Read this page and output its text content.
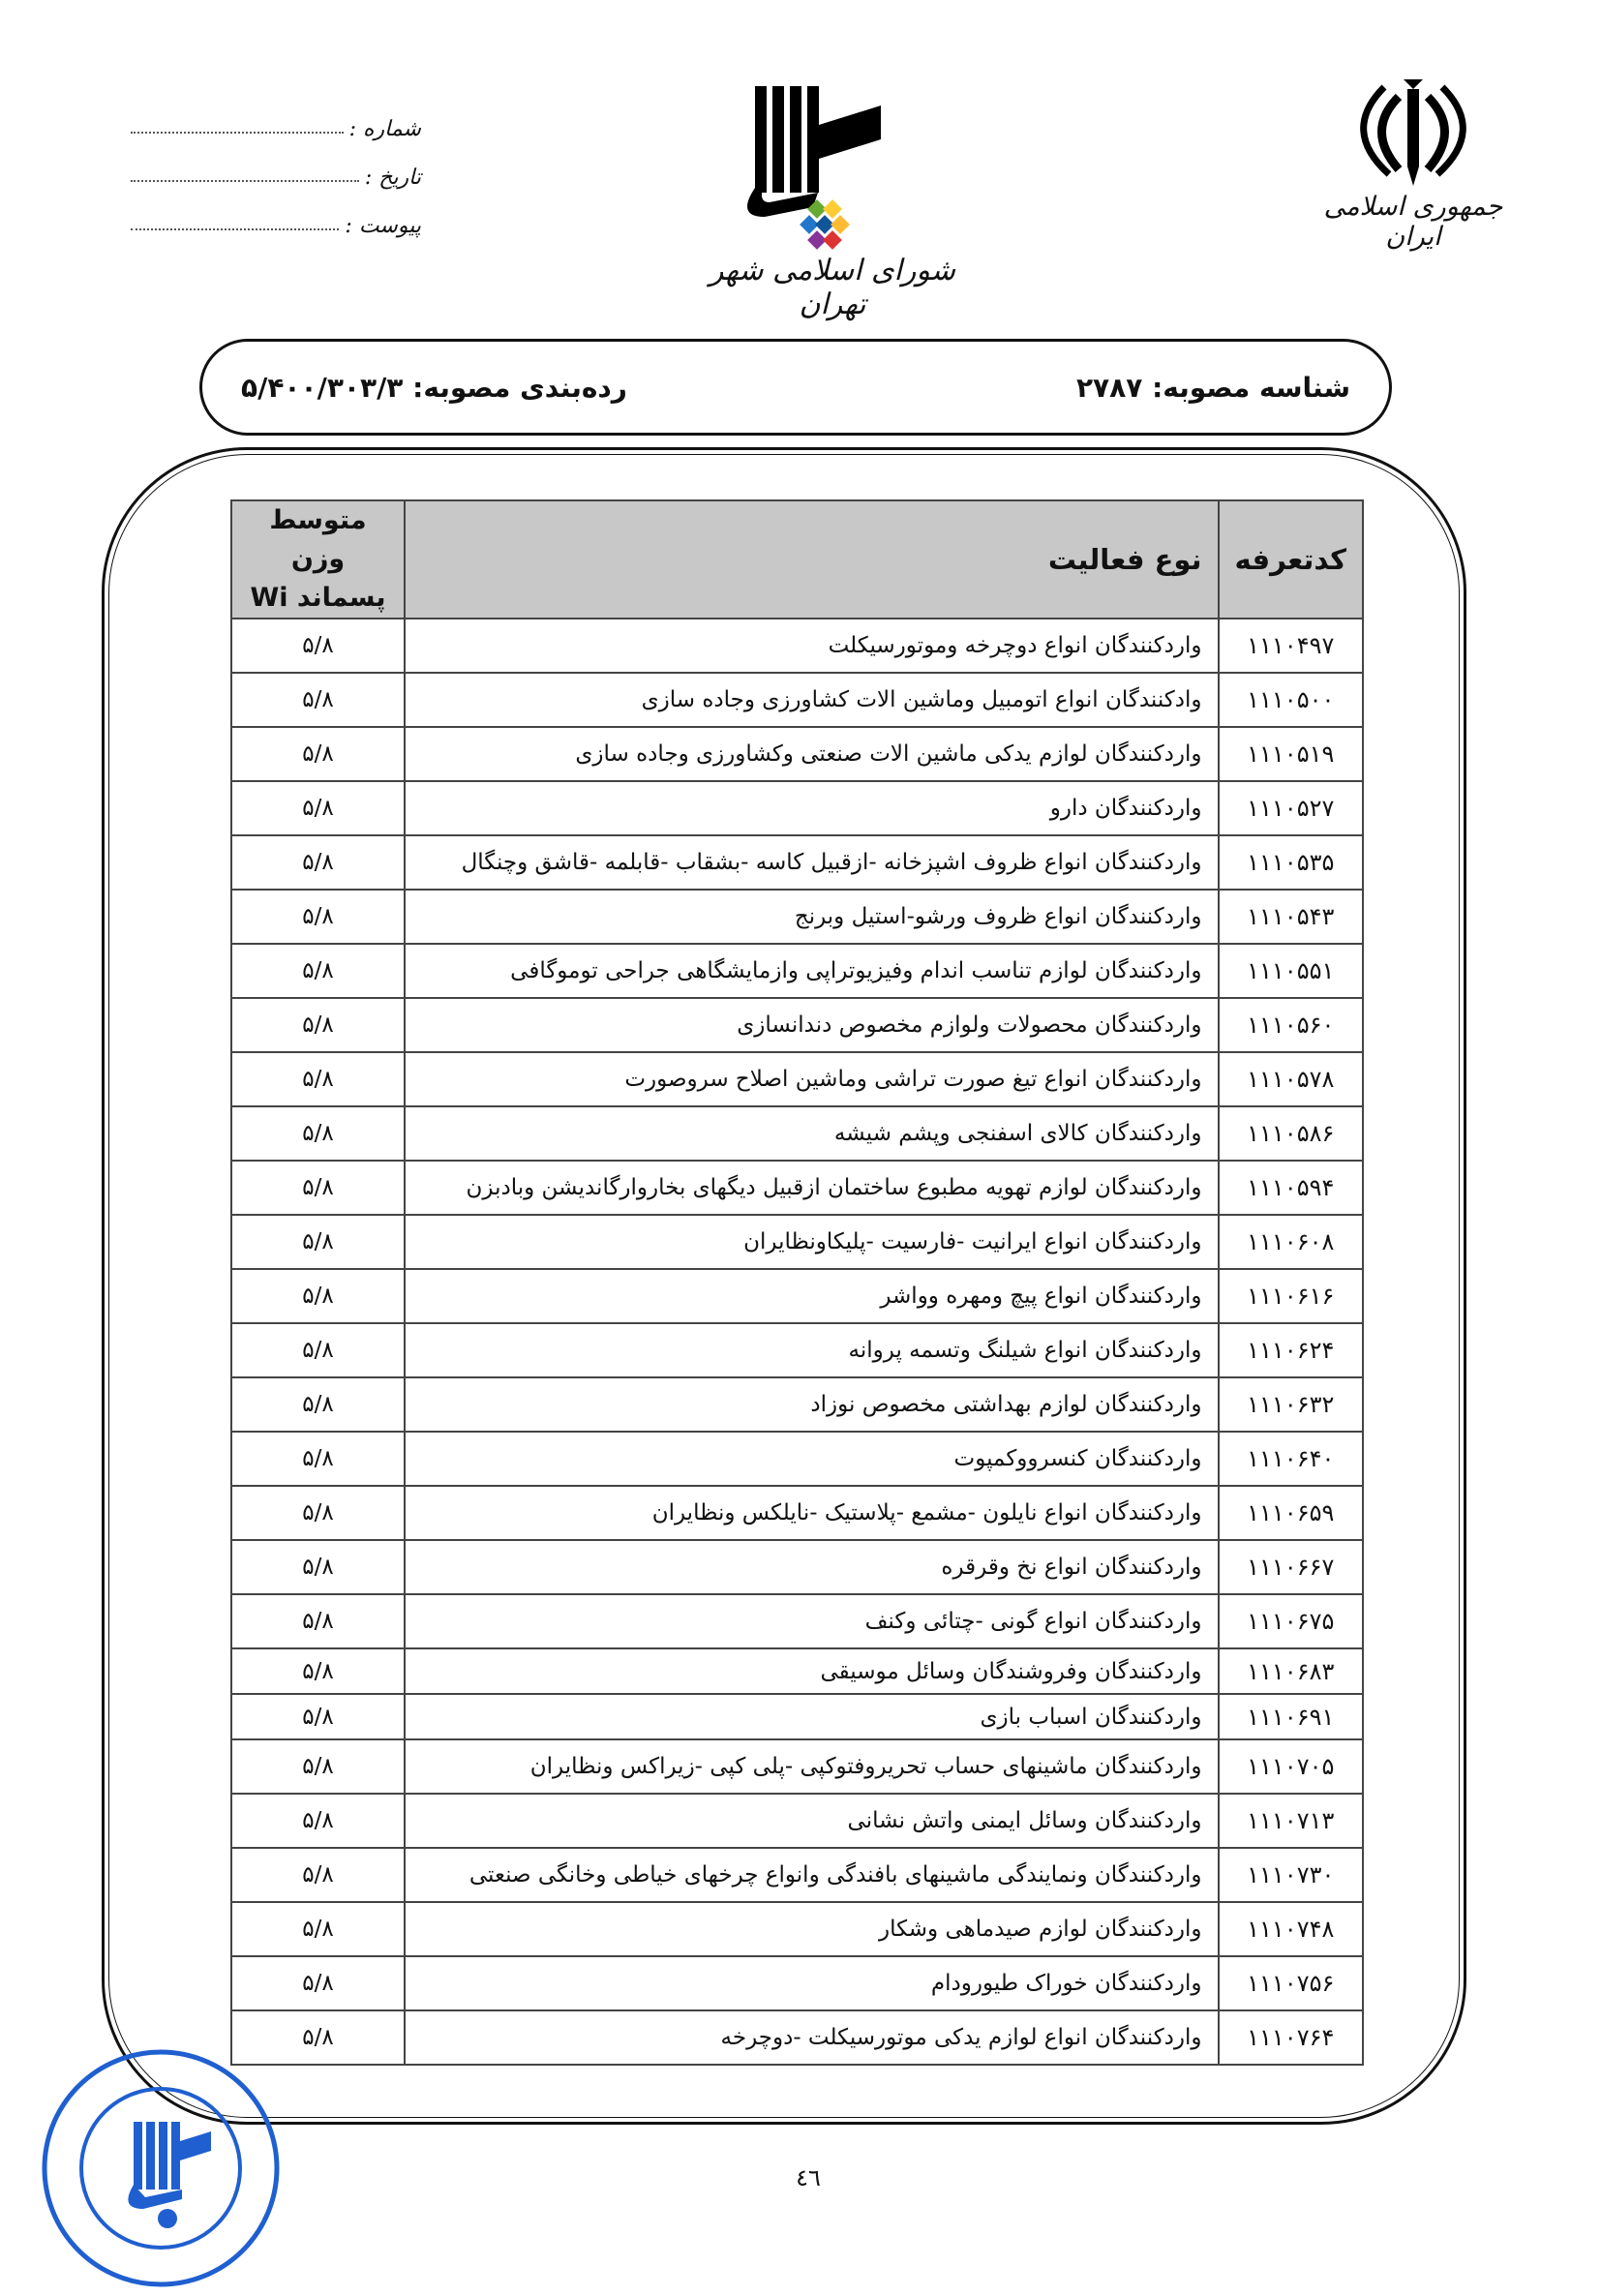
شماره :
تاریخ :
پیوست :
شورای اسلامی شهر تهران
جمهوری اسلامی ایران
شناسه مصوبه: ۲۷۸۷
رده‌بندی مصوبه: ۵/۴۰۰/۳۰۳/۳
کدتعرفه	نوع فعالیت	متوسط وزن پسماند Wi
۱۱۱۰۴۹۷	واردکنندگان انواع دوچرخه وموتورسیکلت	۵/۸
۱۱۱۰۵۰۰	وادکنندگان انواع اتومبیل وماشین الات کشاورزی وجاده سازی	۵/۸
۱۱۱۰۵۱۹	واردکنندگان لوازم یدکی ماشین الات صنعتی وکشاورزی وجاده سازی	۵/۸
۱۱۱۰۵۲۷	واردکنندگان دارو	۵/۸
۱۱۱۰۵۳۵	واردکنندگان انواع ظروف اشپزخانه -ازقبیل کاسه -بشقاب -قابلمه -قاشق وچنگال	۵/۸
۱۱۱۰۵۴۳	واردکنندگان انواع ظروف ورشو-استیل وبرنج	۵/۸
۱۱۱۰۵۵۱	واردکنندگان لوازم تناسب اندام وفیزیوتراپی وازمایشگاهی جراحی توموگافی	۵/۸
۱۱۱۰۵۶۰	واردکنندگان محصولات ولوازم مخصوص دندانسازی	۵/۸
۱۱۱۰۵۷۸	واردکنندگان انواع تیغ صورت تراشی وماشین اصلاح سروصورت	۵/۸
۱۱۱۰۵۸۶	واردکنندگان کالای اسفنجی وپشم شیشه	۵/۸
۱۱۱۰۵۹۴	واردکنندگان لوازم تهویه مطبوع ساختمان ازقبیل دیگهای بخاروارگاندیشن وبادبزن	۵/۸
۱۱۱۰۶۰۸	واردکنندگان انواع ایرانیت -فارسیت -پلیکاونظایران	۵/۸
۱۱۱۰۶۱۶	واردکنندگان انواع پیچ ومهره وواشر	۵/۸
۱۱۱۰۶۲۴	واردکنندگان انواع شیلنگ وتسمه پروانه	۵/۸
۱۱۱۰۶۳۲	واردکنندگان لوازم بهداشتی مخصوص نوزاد	۵/۸
۱۱۱۰۶۴۰	واردکنندگان کنسرووکمپوت	۵/۸
۱۱۱۰۶۵۹	واردکنندگان انواع نایلون -مشمع -پلاستیک -نایلکس ونظایران	۵/۸
۱۱۱۰۶۶۷	واردکنندگان انواع نخ وقرقره	۵/۸
۱۱۱۰۶۷۵	واردکنندگان انواع گونی -چتائی وکنف	۵/۸
۱۱۱۰۶۸۳	واردکنندگان وفروشندگان وسائل موسیقی	۵/۸
۱۱۱۰۶۹۱	واردکنندگان اسباب بازی	۵/۸
۱۱۱۰۷۰۵	واردکنندگان ماشینهای حساب تحریروفتوکپی -پلی کپی -زیراکس ونظایران	۵/۸
۱۱۱۰۷۱۳	واردکنندگان وسائل ایمنی واتش نشانی	۵/۸
۱۱۱۰۷۳۰	واردکنندگان ونمایندگی ماشینهای بافندگی وانواع چرخهای خیاطی وخانگی صنعتی	۵/۸
۱۱۱۰۷۴۸	واردکنندگان لوازم صیدماهی وشکار	۵/۸
۱۱۱۰۷۵۶	واردکنندگان خوراک طیورودام	۵/۸
۱۱۱۰۷۶۴	واردکنندگان انواع لوازم یدکی موتورسیکلت -دوچرخه	۵/۸
٤٦
